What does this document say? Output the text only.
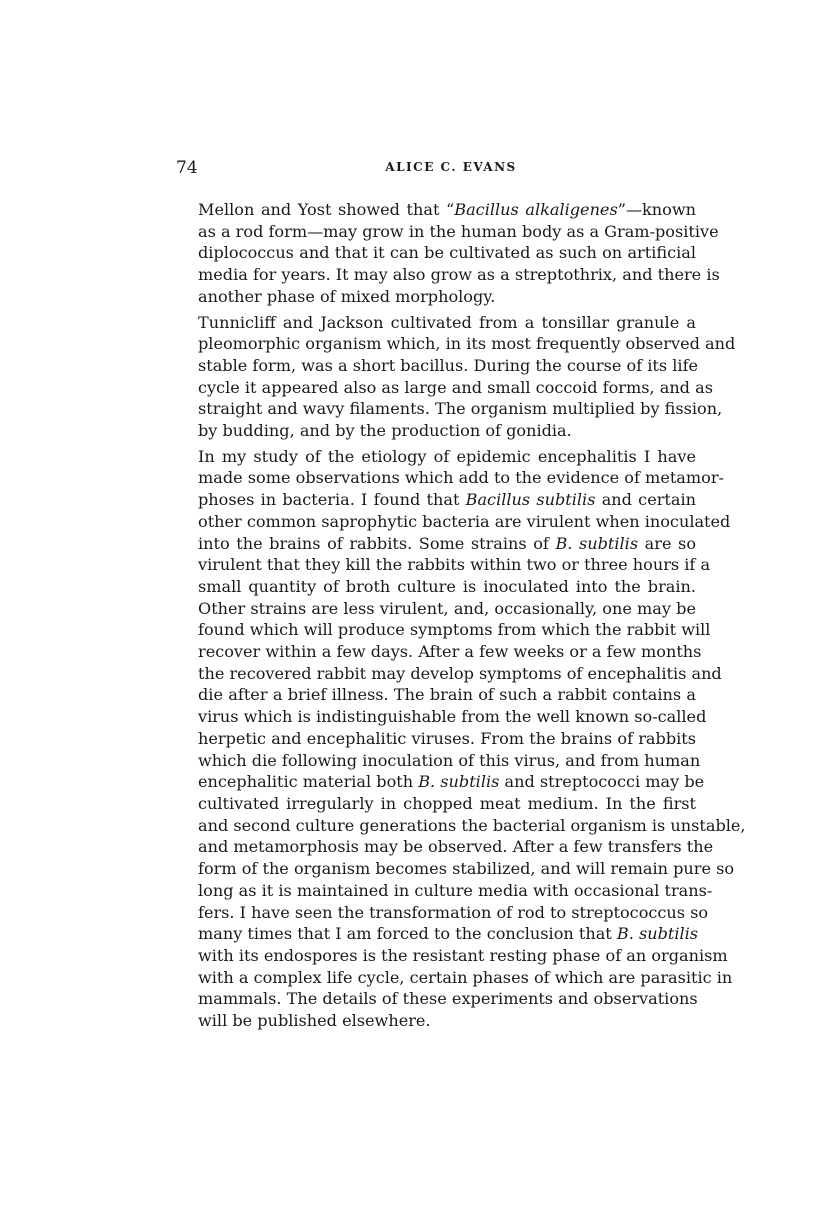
74	ALICE C. EVANS

Mellon and Yost showed that “Bacillus alkaligenes”—known
as a rod form—may grow in the human body as a Gram-positive
diplococcus and that it can be cultivated as such on artificial
media for years. It may also grow as a streptothrix, and there is
another phase of mixed morphology.

Tunnicliff and Jackson cultivated from a tonsillar granule a
pleomorphic organism which, in its most frequently observed and
stable form, was a short bacillus. During the course of its life
cycle it appeared also as large and small coccoid forms, and as
straight and wavy filaments. The organism multiplied by fission,
by budding, and by the production of gonidia.

In my study of the etiology of epidemic encephalitis I have
made some observations which add to the evidence of metamor-
phoses in bacteria. I found that Bacillus subtilis and certain
other common saprophytic bacteria are virulent when inoculated
into the brains of rabbits. Some strains of B. subtilis are so
virulent that they kill the rabbits within two or three hours if a
small quantity of broth culture is inoculated into the brain.
Other strains are less virulent, and, occasionally, one may be
found which will produce symptoms from which the rabbit will
recover within a few days. After a few weeks or a few months
the recovered rabbit may develop symptoms of encephalitis and
die after a brief illness. The brain of such a rabbit contains a
virus which is indistinguishable from the well known so-called
herpetic and encephalitic viruses. From the brains of rabbits
which die following inoculation of this virus, and from human
encephalitic material both B. subtilis and streptococci may be
cultivated irregularly in chopped meat medium. In the first
and second culture generations the bacterial organism is unstable,
and metamorphosis may be observed. After a few transfers the
form of the organism becomes stabilized, and will remain pure so
long as it is maintained in culture media with occasional trans-
fers. I have seen the transformation of rod to streptococcus so
many times that I am forced to the conclusion that B. subtilis
with its endospores is the resistant resting phase of an organism
with a complex life cycle, certain phases of which are parasitic in
mammals. The details of these experiments and observations
will be published elsewhere.
